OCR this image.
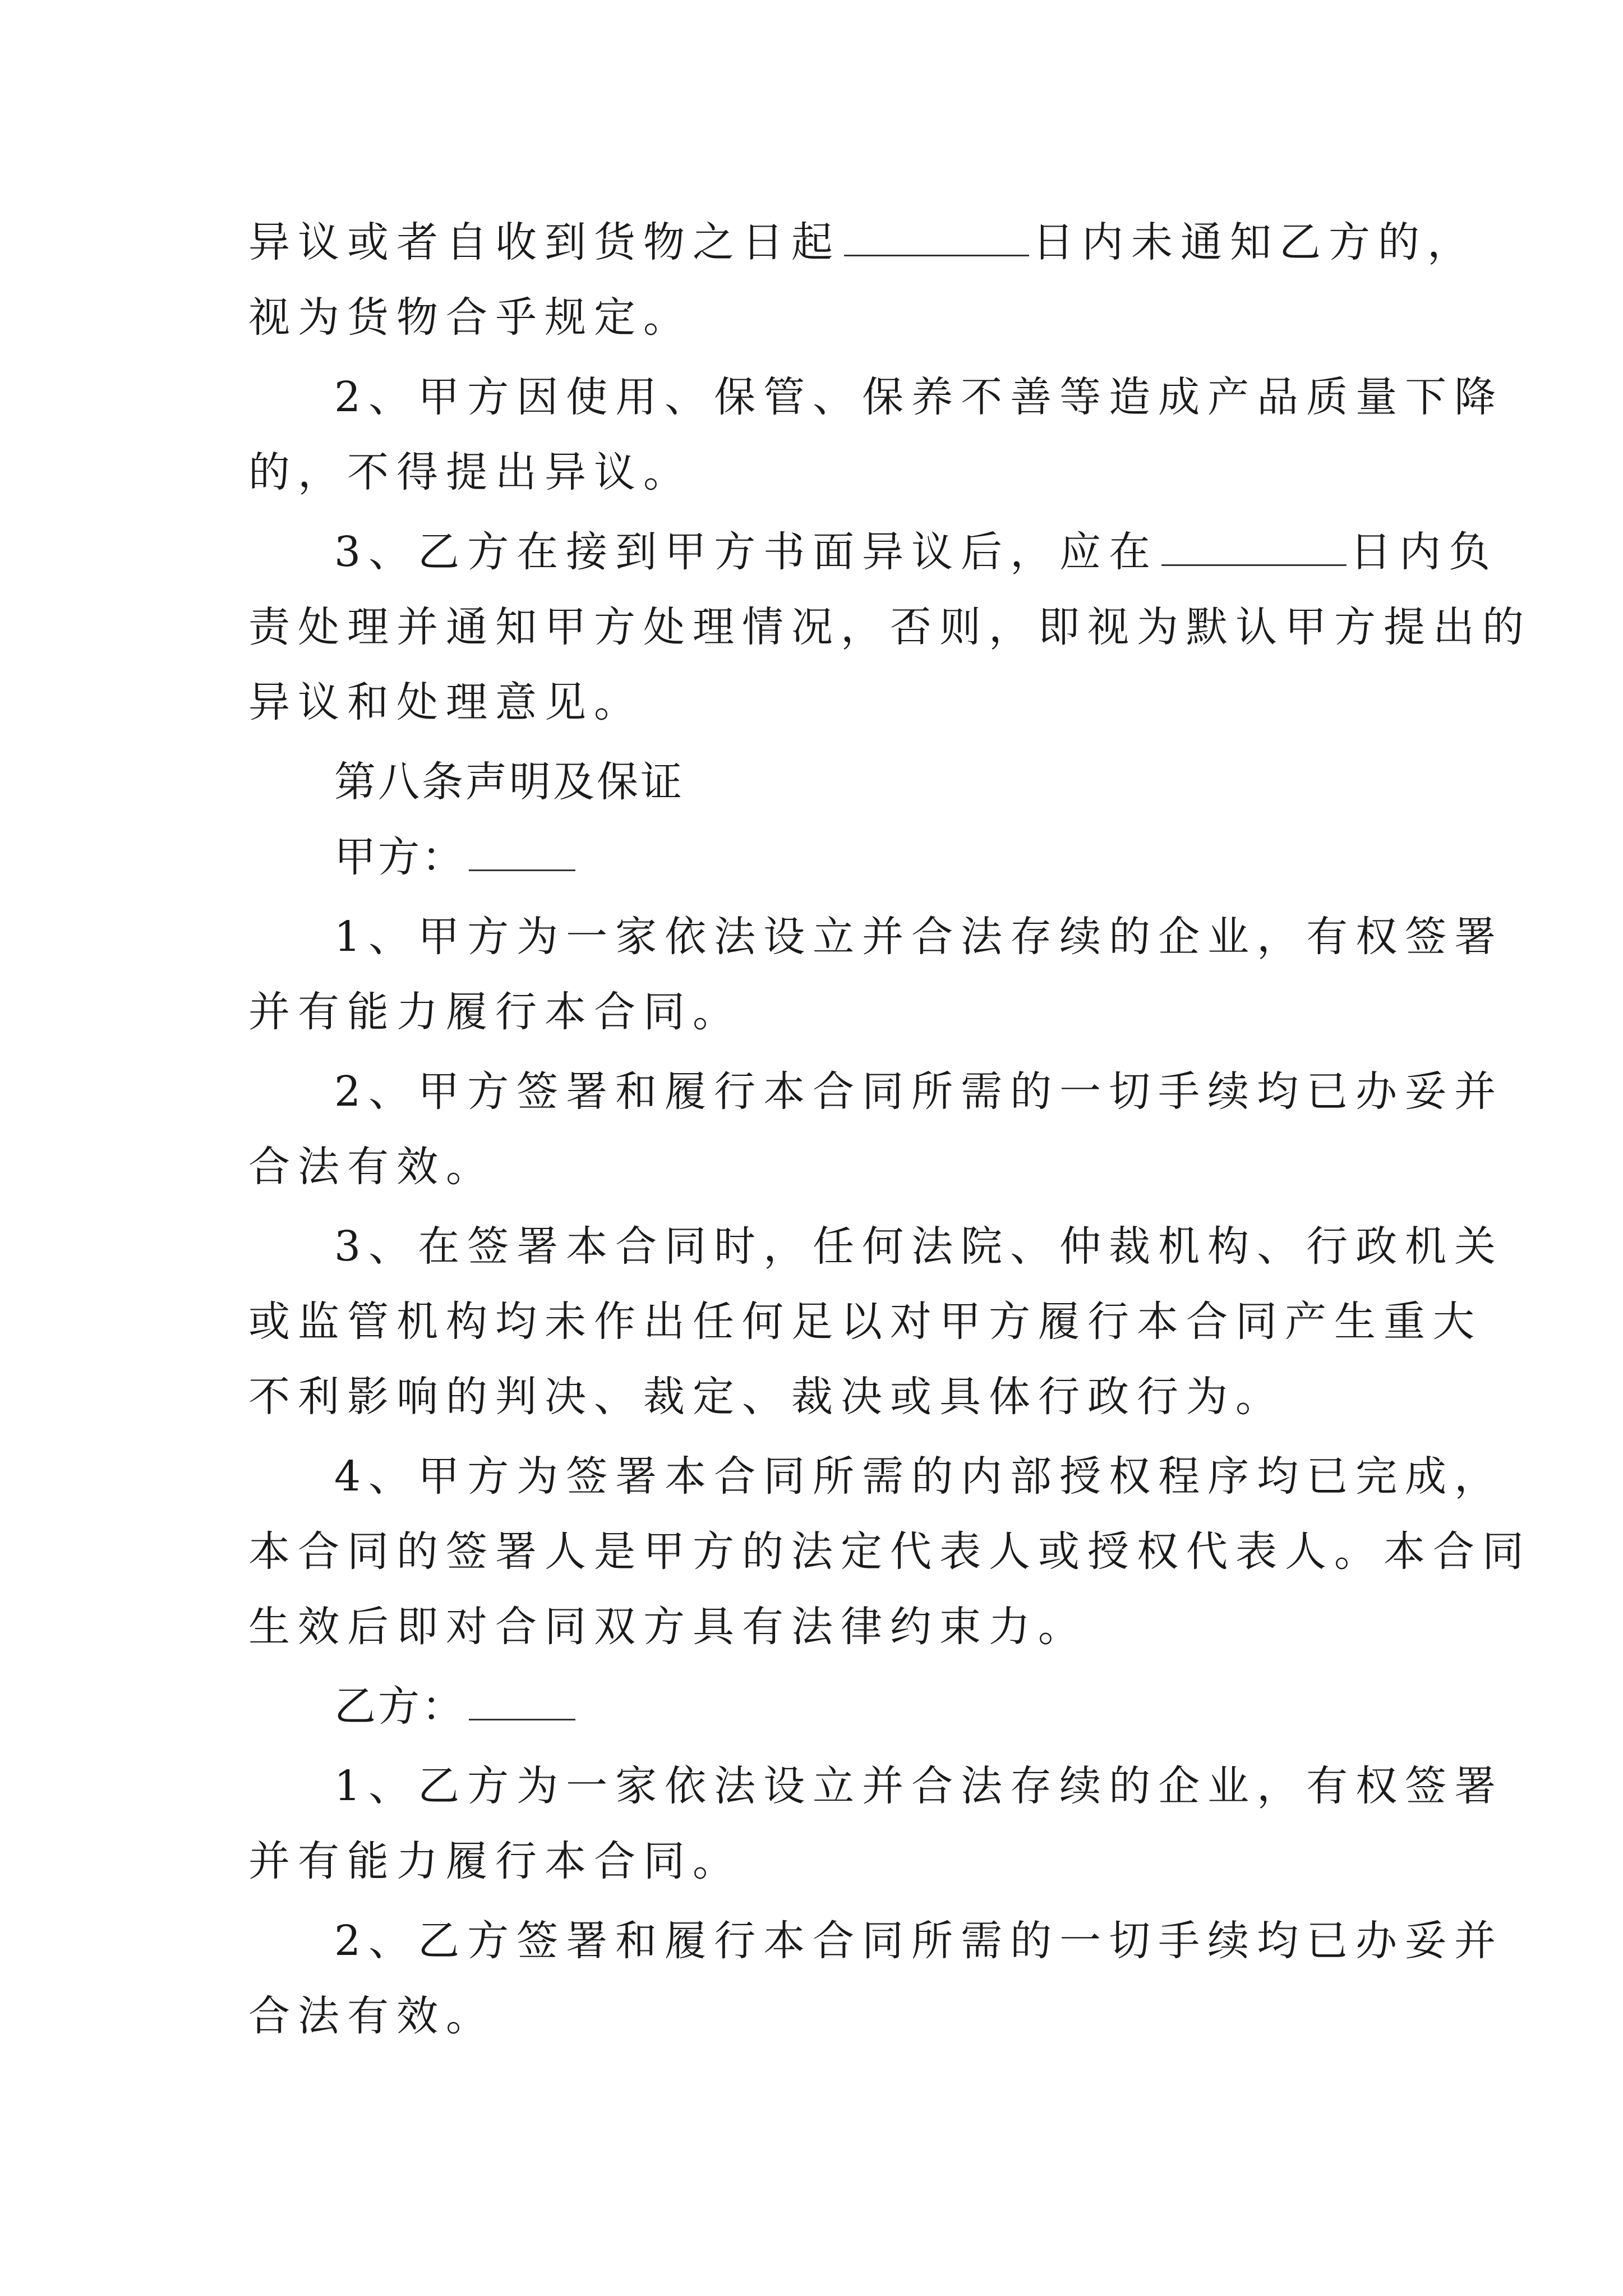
异议或者自收到货物之日起	日内未通知乙方的，
视为货物合乎规定。
2、甲方因使用、保管、保养不善等造成产品质量下降
的，不得提出异议。
3、乙方在接到甲方书面异议后，应在	日内负
责处理并通知甲方处理情况，否则，即视为默认甲方提出的
异议和处理意见。
第八条声明及保证
甲方：
1、甲方为一家依法设立并合法存续的企业，有权签署
并有能力履行本合同。
2、甲方签署和履行本合同所需的一切手续均已办妥并
合法有效。
3、在签署本合同时，任何法院、仲裁机构、行政机关
或监管机构均未作出任何足以对甲方履行本合同产生重大
不利影响的判决、裁定、裁决或具体行政行为。
4、甲方为签署本合同所需的内部授权程序均已完成，
本合同的签署人是甲方的法定代表人或授权代表人。本合同
生效后即对合同双方具有法律约束力。
乙方：
1、乙方为一家依法设立并合法存续的企业，有权签署
并有能力履行本合同。
2、乙方签署和履行本合同所需的一切手续均已办妥并
合法有效。
